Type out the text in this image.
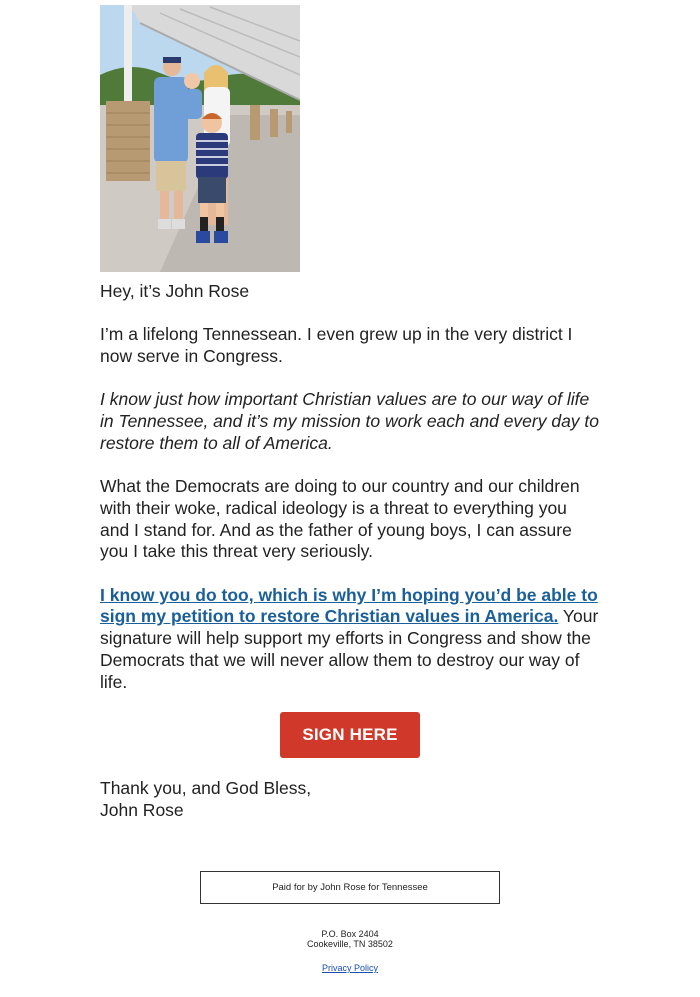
Hey, it’s John Rose

I’m a lifelong Tennessean. I even grew up in the very district I now serve in Congress.

I know just how important Christian values are to our way of life in Tennessee, and it’s my mission to work each and every day to restore them to all of America.

What the Democrats are doing to our country and our children with their woke, radical ideology is a threat to everything you and I stand for. And as the father of young boys, I can assure you I take this threat very seriously.

I know you do too, which is why I’m hoping you’d be able to sign my petition to restore Christian values in America. Your signature will help support my efforts in Congress and show the Democrats that we will never allow them to destroy our way of life.

SIGN HERE
Thank you, and God Bless,
John Rose
Paid for by John Rose for Tennessee
P.O. Box 2404
Cookeville, TN 38502
Privacy Policy
